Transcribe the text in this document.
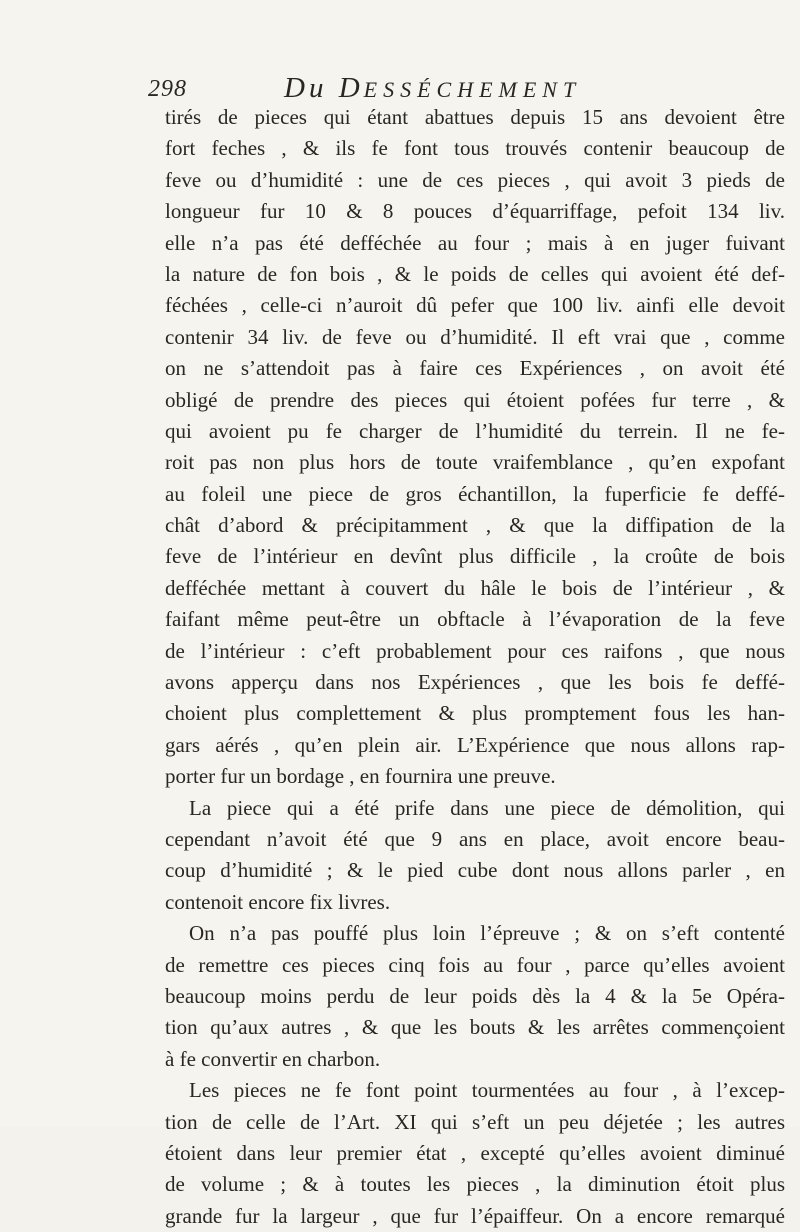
298	Du DESSÉCHEMENT
tirés de pieces qui étant abattues depuis 15 ans devoient être
fort feches , & ils fe font tous trouvés contenir beaucoup de
feve ou d’humidité : une de ces pieces , qui avoit 3 pieds de
longueur fur 10 & 8 pouces d’équarriffage, pefoit 134 liv.
elle n’a pas été defféchée au four ; mais à en juger fuivant
la nature de fon bois , & le poids de celles qui avoient été def-
féchées , celle-ci n’auroit dû pefer que 100 liv. ainfi elle devoit
contenir 34 liv. de feve ou d’humidité. Il eft vrai que , comme
on ne s’attendoit pas à faire ces Expériences , on avoit été
obligé de prendre des pieces qui étoient pofées fur terre , &
qui avoient pu fe charger de l’humidité du terrein. Il ne fe-
roit pas non plus hors de toute vraifemblance , qu’en expofant
au foleil une piece de gros échantillon, la fuperficie fe deffé-
chât d’abord & précipitamment , & que la diffipation de la
feve de l’intérieur en devînt plus difficile , la croûte de bois
defféchée mettant à couvert du hâle le bois de l’intérieur , &
faifant même peut-être un obftacle à l’évaporation de la feve
de l’intérieur : c’eft probablement pour ces raifons , que nous
avons apperçu dans nos Expériences , que les bois fe deffé-
choient plus complettement & plus promptement fous les han-
gars aérés , qu’en plein air. L’Expérience que nous allons rap-
porter fur un bordage , en fournira une preuve.
La piece qui a été prife dans une piece de démolition, qui
cependant n’avoit été que 9 ans en place, avoit encore beau-
coup d’humidité ; & le pied cube dont nous allons parler , en
contenoit encore fix livres.
On n’a pas pouffé plus loin l’épreuve ; & on s’eft contenté
de remettre ces pieces cinq fois au four , parce qu’elles avoient
beaucoup moins perdu de leur poids dès la 4 & la 5e Opéra-
tion qu’aux autres , & que les bouts & les arrêtes commençoient
à fe convertir en charbon.
Les pieces ne fe font point tourmentées au four , à l’excep-
tion de celle de l’Art. XI qui s’eft un peu déjetée ; les autres
étoient dans leur premier état , excepté qu’elles avoient diminué
de volume ; & à toutes les pieces , la diminution étoit plus
grande fur la largeur , que fur l’épaiffeur. On a encore remarqué
